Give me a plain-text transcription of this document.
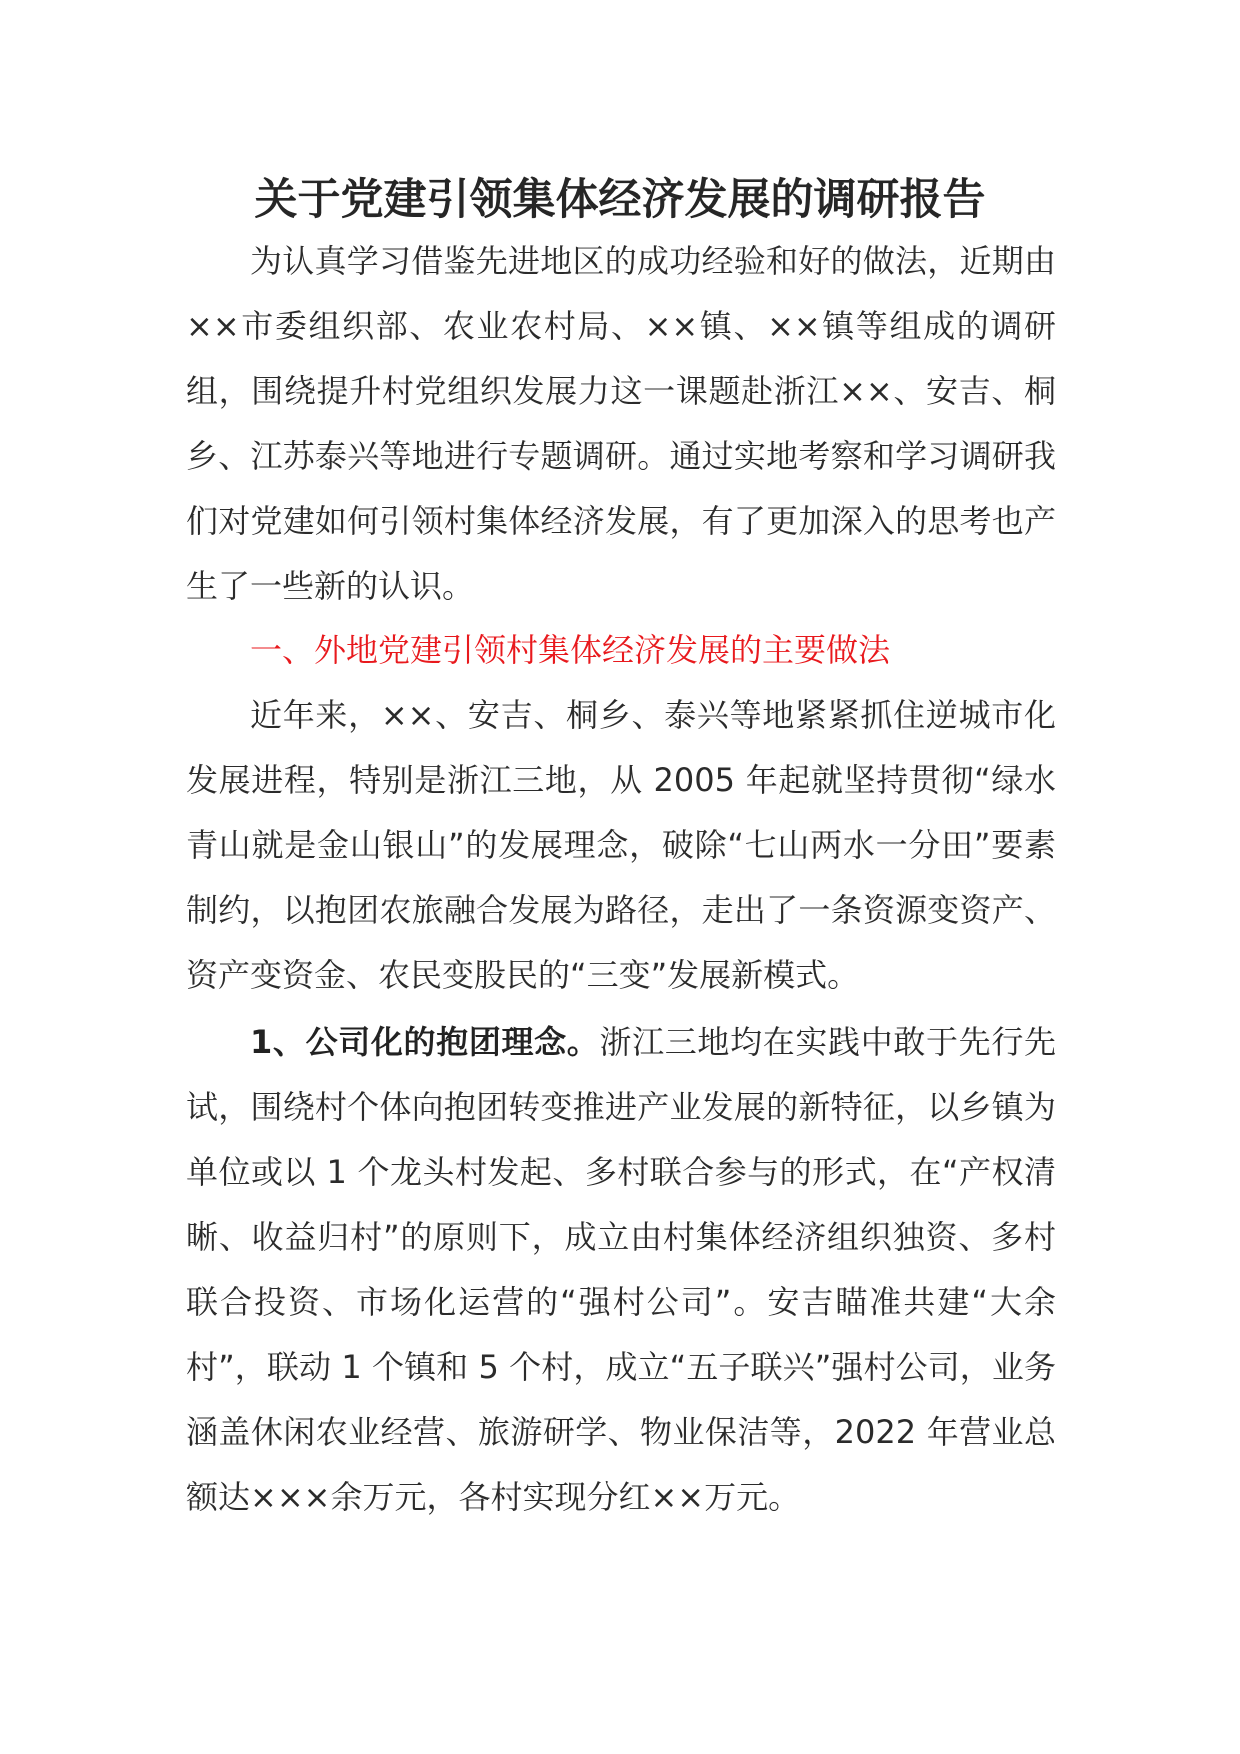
关于党建引领集体经济发展的调研报告

为认真学习借鉴先进地区的成功经验和好的做法，近期由××市委组织部、农业农村局、××镇、××镇等组成的调研组，围绕提升村党组织发展力这一课题赴浙江××、安吉、桐乡、江苏泰兴等地进行专题调研。通过实地考察和学习调研我们对党建如何引领村集体经济发展，有了更加深入的思考也产生了一些新的认识。

一、外地党建引领村集体经济发展的主要做法

近年来，××、安吉、桐乡、泰兴等地紧紧抓住逆城市化发展进程，特别是浙江三地，从 2005 年起就坚持贯彻“绿水青山就是金山银山”的发展理念，破除“七山两水一分田”要素制约，以抱团农旅融合发展为路径，走出了一条资源变资产、资产变资金、农民变股民的“三变”发展新模式。

1、公司化的抱团理念。浙江三地均在实践中敢于先行先试，围绕村个体向抱团转变推进产业发展的新特征，以乡镇为单位或以 1 个龙头村发起、多村联合参与的形式，在“产权清晰、收益归村”的原则下，成立由村集体经济组织独资、多村联合投资、市场化运营的“强村公司”。安吉瞄准共建“大余村”，联动 1 个镇和 5 个村，成立“五子联兴”强村公司，业务涵盖休闲农业经营、旅游研学、物业保洁等，2022 年营业总额达×××余万元，各村实现分红××万元。
